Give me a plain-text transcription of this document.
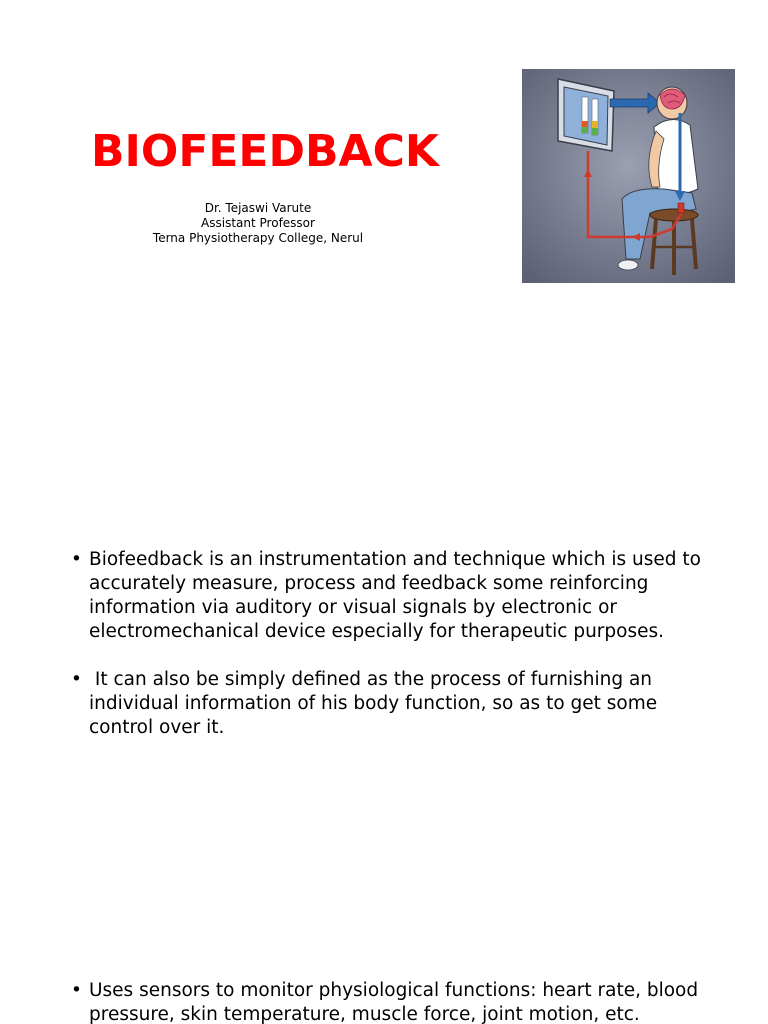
BIOFEEDBACK
Dr. Tejaswi Varute
Assistant Professor
Terna Physiotherapy College, Nerul
• Biofeedback is an instrumentation and technique which is used to
accurately measure, process and feedback some reinforcing
information via auditory or visual signals by electronic or
electromechanical device especially for therapeutic purposes.
• It can also be simply defined as the process of furnishing an
individual information of his body function, so as to get some
control over it.
• Uses sensors to monitor physiological functions: heart rate, blood
pressure, skin temperature, muscle force, joint motion, etc.
